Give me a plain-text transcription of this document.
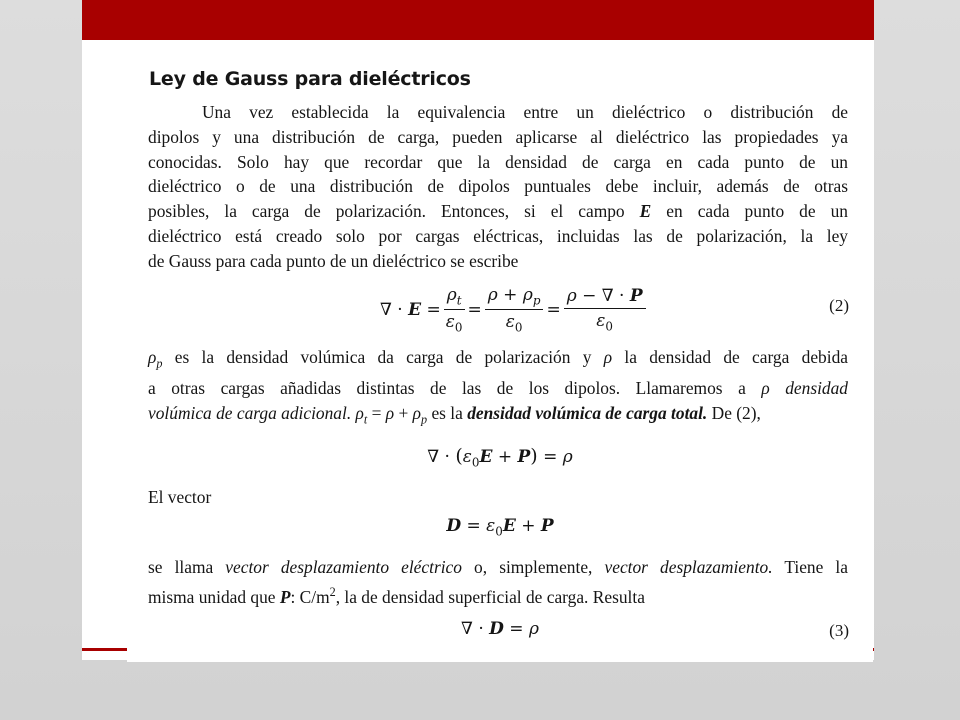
Ley de Gauss para dieléctricos
Una vez establecida la equivalencia entre un dieléctrico o distribución de
dipolos y una distribución de carga, pueden aplicarse al dieléctrico las propiedades ya
conocidas. Solo hay que recordar que la densidad de carga en cada punto de un
dieléctrico o de una distribución de dipolos puntuales debe incluir, además de otras
posibles, la carga de polarización. Entonces, si el campo E en cada punto de un
dieléctrico está creado solo por cargas eléctricas, incluidas las de polarización, la ley
de Gauss para cada punto de un dieléctrico se escribe
∇ · $E = \frac{\rho_t}{\varepsilon_0} = \frac{\rho + \rho_p}{\varepsilon_0} = \frac{\rho - \nabla \cdot P}{\varepsilon_0}$	(2)
$\rho_p$ es la densidad volúmica da carga de polarización y ρ la densidad de carga debida
a otras cargas añadidas distintas de las de los dipolos. Llamaremos a ρ densidad
volúmica de carga adicional. $\rho_t = \rho + \rho_p$ es la densidad volúmica de carga total. De (2),
∇ · $(\varepsilon_0E + P) = \rho$
El vector
$D = \varepsilon_0E + P$
se llama vector desplazamiento eléctrico o, simplemente, vector desplazamiento. Tiene la
misma unidad que P: $C/m^2$, la de densidad superficial de carga. Resulta
∇ · D = ρ	(3)
